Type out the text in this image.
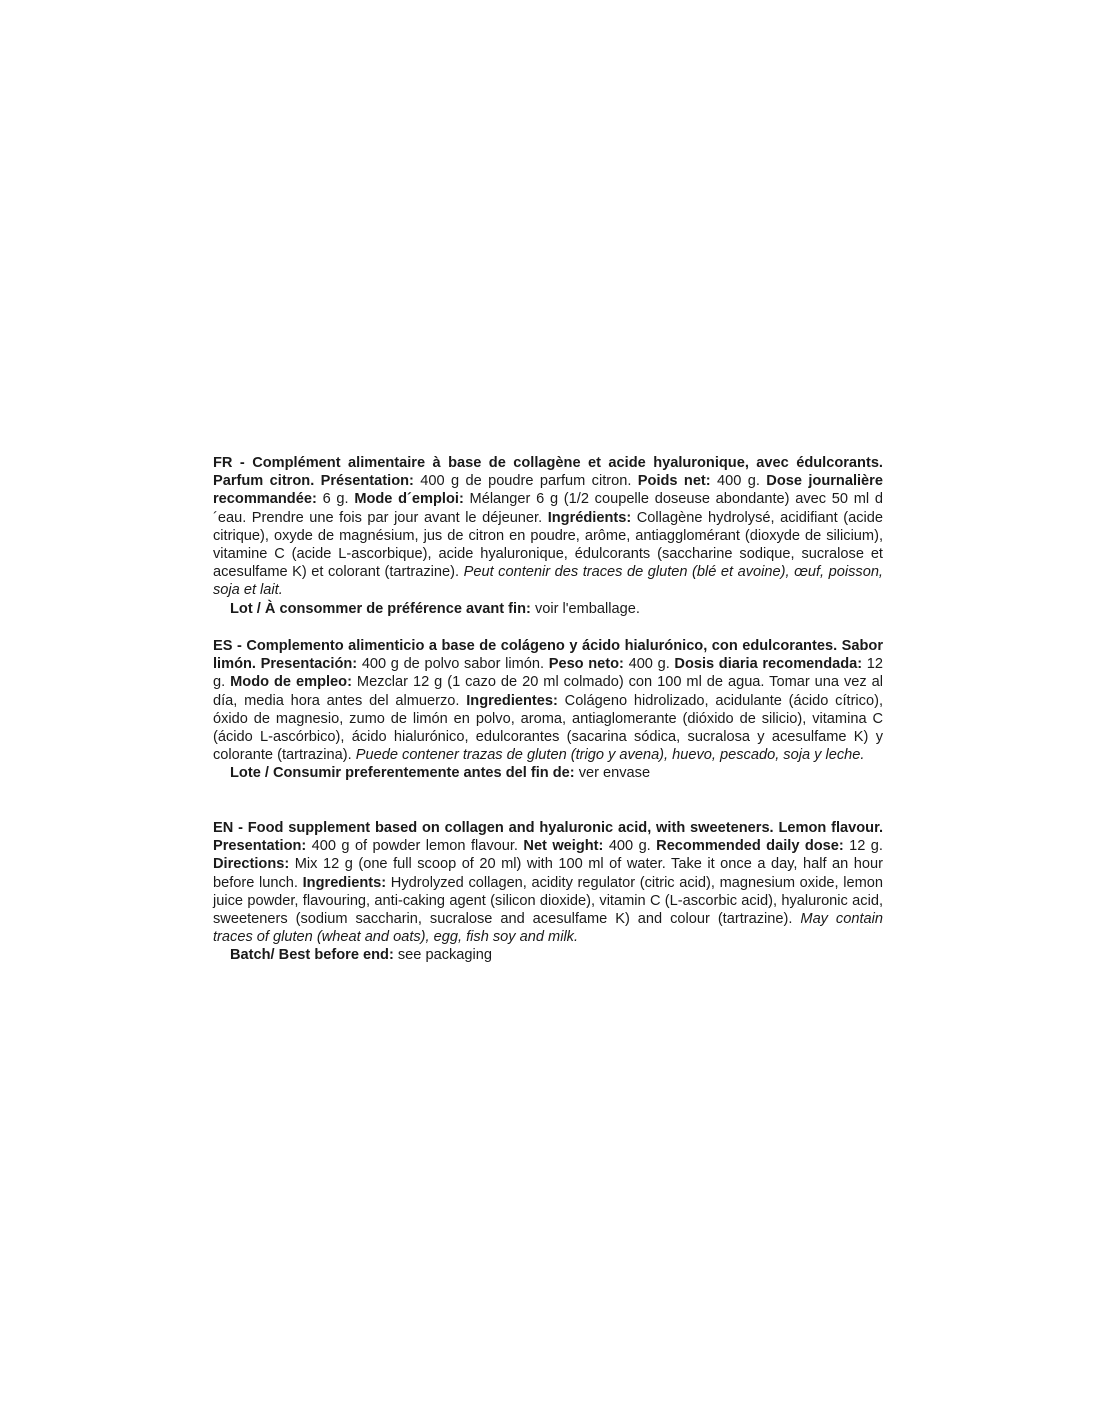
FR - Complément alimentaire à base de collagène et acide hyaluronique, avec édulcorants. Parfum citron. Présentation: 400 g de poudre parfum citron. Poids net: 400 g. Dose journalière recommandée: 6 g. Mode d´emploi: Mélanger 6 g (1/2 coupelle doseuse abondante) avec 50 ml d´eau. Prendre une fois par jour avant le déjeuner. Ingrédients: Collagène hydrolysé, acidifiant (acide citrique), oxyde de magnésium, jus de citron en poudre, arôme, antiagglomérant (dioxyde de silicium), vitamine C (acide L-ascorbique), acide hyaluronique, édulcorants (saccharine sodique, sucralose et acesulfame K) et colorant (tartrazine). Peut contenir des traces de gluten (blé et avoine), œuf, poisson, soja et lait.

Lot / À consommer de préférence avant fin: voir l'emballage.

ES - Complemento alimenticio a base de colágeno y ácido hialurónico, con edulcorantes. Sabor limón. Presentación: 400 g de polvo sabor limón. Peso neto: 400 g. Dosis diaria recomendada: 12 g. Modo de empleo: Mezclar 12 g (1 cazo de 20 ml colmado) con 100 ml de agua. Tomar una vez al día, media hora antes del almuerzo. Ingredientes: Colágeno hidrolizado, acidulante (ácido cítrico), óxido de magnesio, zumo de limón en polvo, aroma, antiaglomerante (dióxido de silicio), vitamina C (ácido L-ascórbico), ácido hialurónico, edulcorantes (sacarina sódica, sucralosa y acesulfame K) y colorante (tartrazina). Puede contener trazas de gluten (trigo y avena), huevo, pescado, soja y leche.

Lote / Consumir preferentemente antes del fin de: ver envase

EN - Food supplement based on collagen and hyaluronic acid, with sweeteners. Lemon flavour. Presentation: 400 g of powder lemon flavour. Net weight: 400 g. Recommended daily dose: 12 g. Directions: Mix 12 g (one full scoop of 20 ml) with 100 ml of water. Take it once a day, half an hour before lunch. Ingredients: Hydrolyzed collagen, acidity regulator (citric acid), magnesium oxide, lemon juice powder, flavouring, anti-caking agent (silicon dioxide), vitamin C (L-ascorbic acid), hyaluronic acid, sweeteners (sodium saccharin, sucralose and acesulfame K) and colour (tartrazine). May contain traces of gluten (wheat and oats), egg, fish soy and milk.

Batch/ Best before end: see packaging
